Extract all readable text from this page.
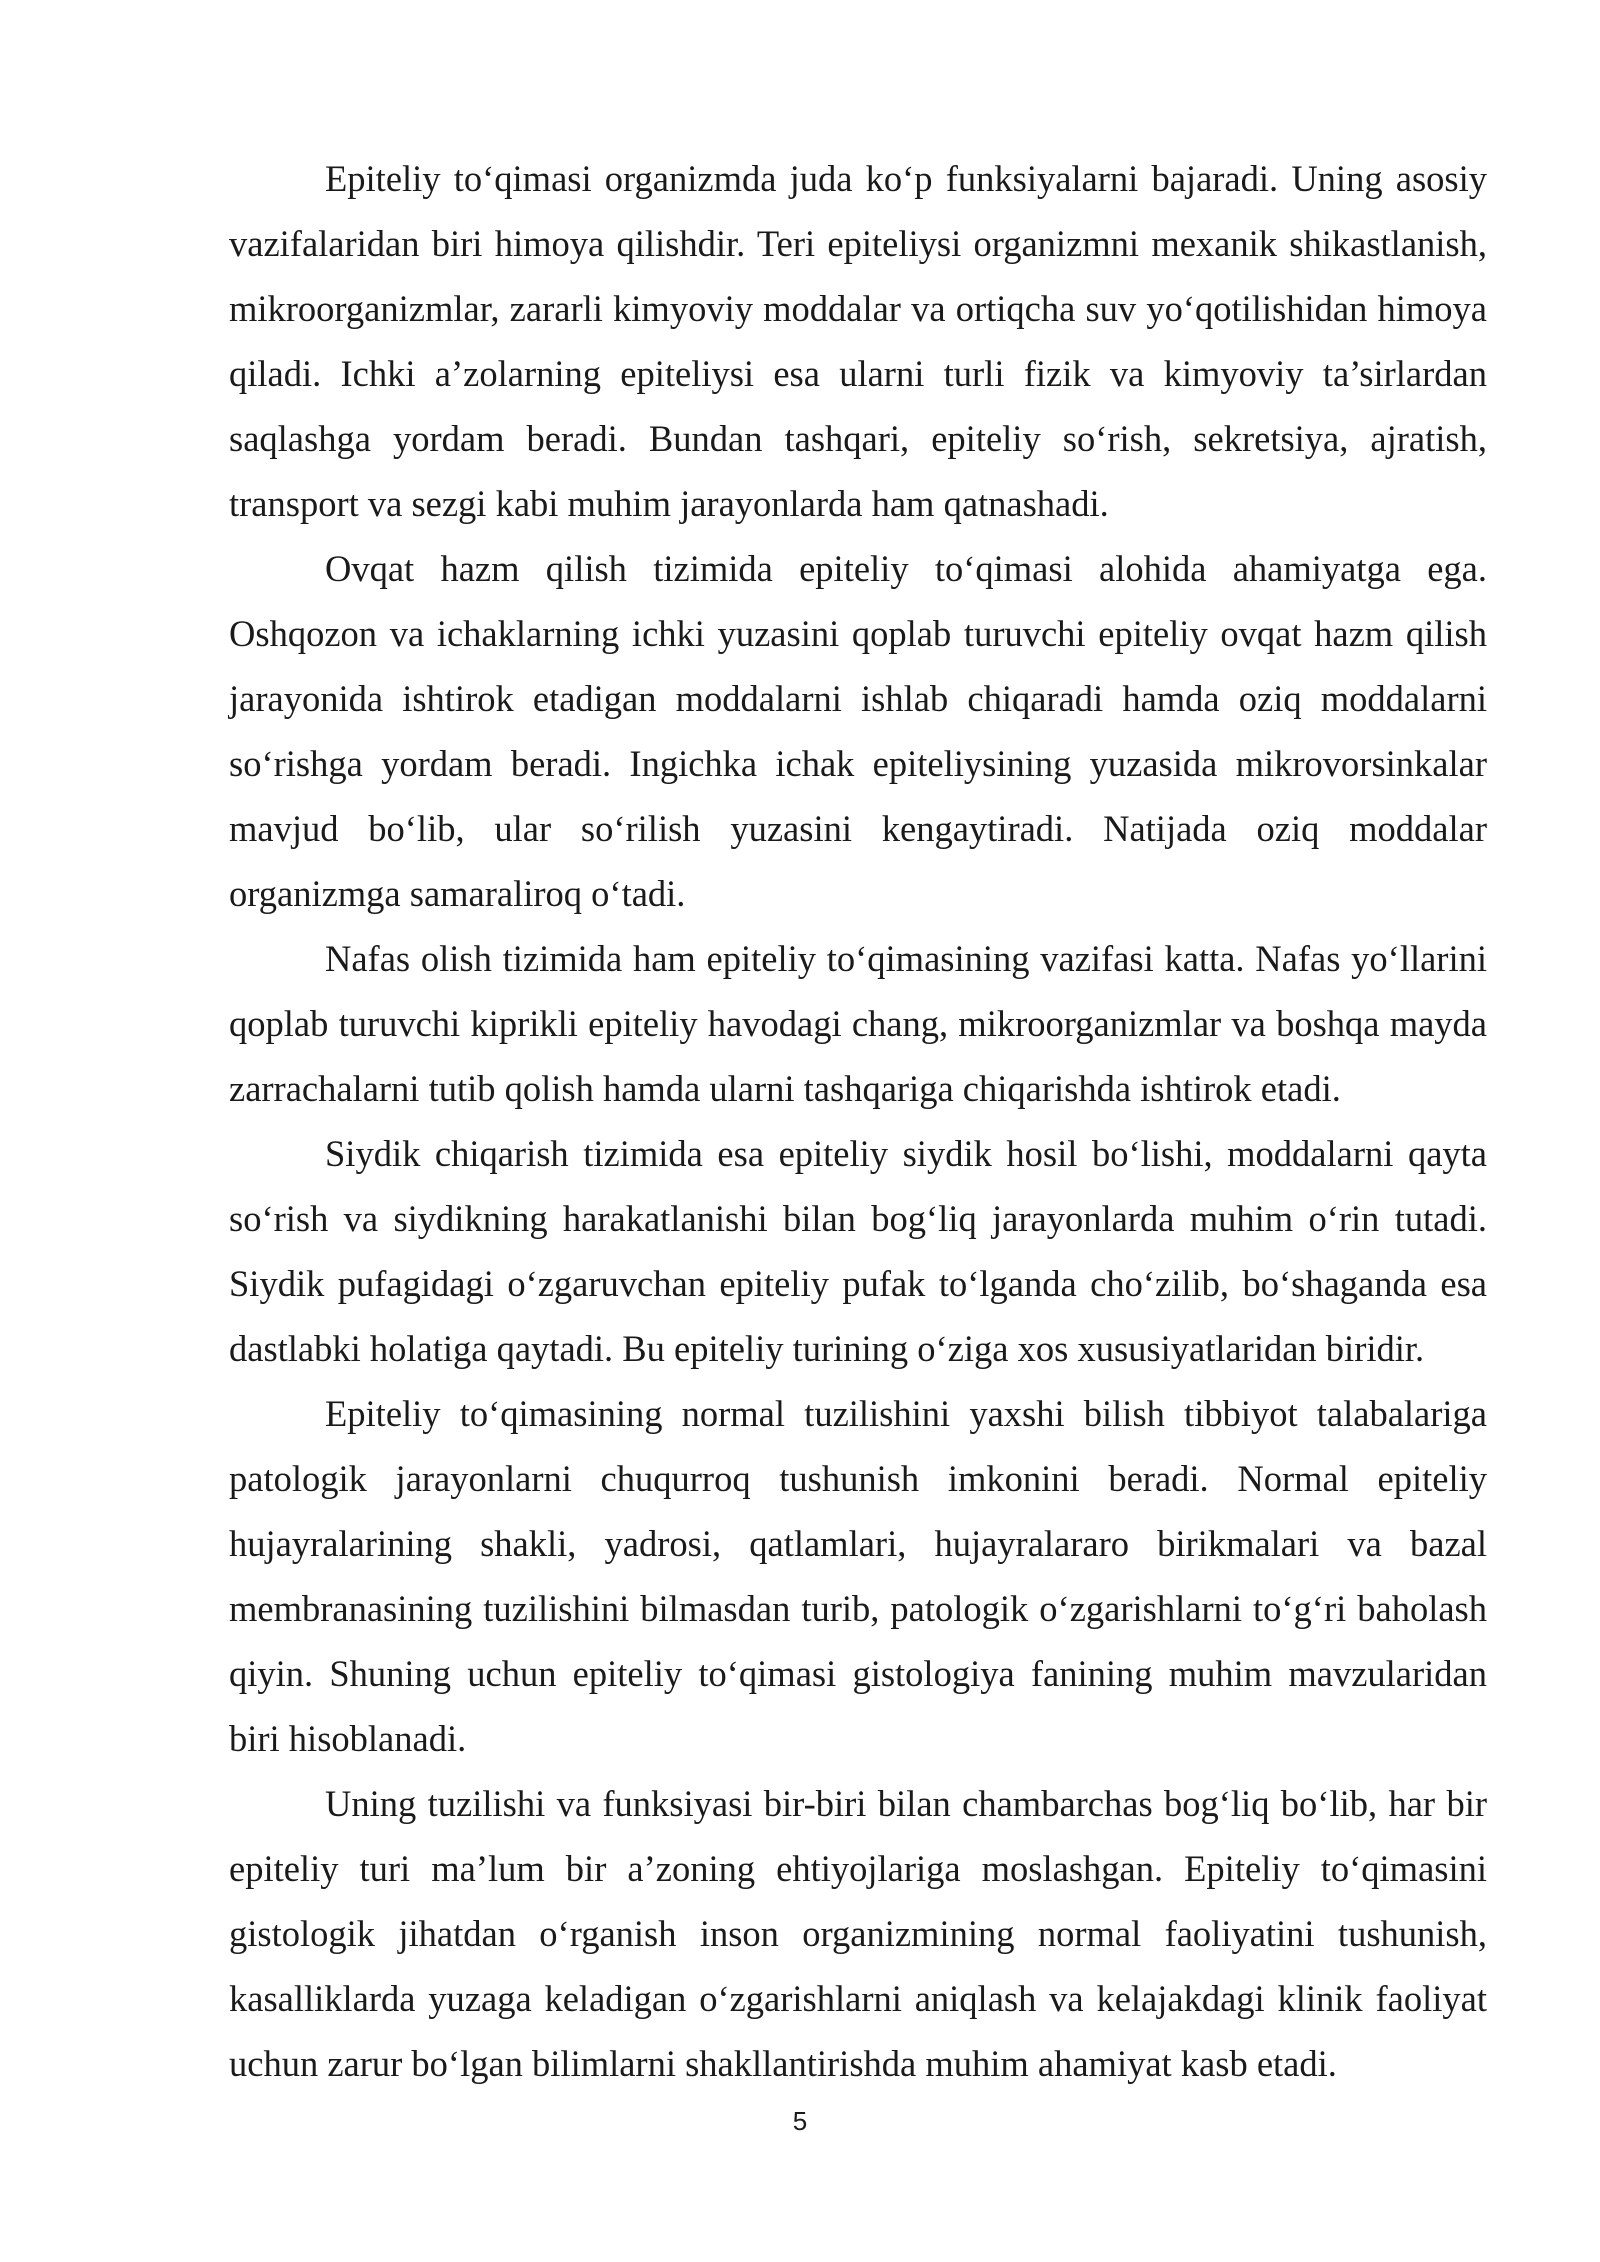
Epiteliy to‘qimasi organizmda juda ko‘p funksiyalarni bajaradi. Uning asosiy vazifalaridan biri himoya qilishdir. Teri epiteliysi organizmni mexanik shikastlanish, mikroorganizmlar, zararli kimyoviy moddalar va ortiqcha suv yo‘qotilishidan himoya qiladi. Ichki a’zolarning epiteliysi esa ularni turli fizik va kimyoviy ta’sirlardan saqlashga yordam beradi. Bundan tashqari, epiteliy so‘rish, sekretsiya, ajratish, transport va sezgi kabi muhim jarayonlarda ham qatnashadi.

Ovqat hazm qilish tizimida epiteliy to‘qimasi alohida ahamiyatga ega. Oshqozon va ichaklarning ichki yuzasini qoplab turuvchi epiteliy ovqat hazm qilish jarayonida ishtirok etadigan moddalarni ishlab chiqaradi hamda oziq moddalarni so‘rishga yordam beradi. Ingichka ichak epiteliysining yuzasida mikrovorsinkalar mavjud bo‘lib, ular so‘rilish yuzasini kengaytiradi. Natijada oziq moddalar organizmga samaraliroq o‘tadi.

Nafas olish tizimida ham epiteliy to‘qimasining vazifasi katta. Nafas yo‘llarini qoplab turuvchi kiprikli epiteliy havodagi chang, mikroorganizmlar va boshqa mayda zarrachalarni tutib qolish hamda ularni tashqariga chiqarishda ishtirok etadi.

Siydik chiqarish tizimida esa epiteliy siydik hosil bo‘lishi, moddalarni qayta so‘rish va siydikning harakatlanishi bilan bog‘liq jarayonlarda muhim o‘rin tutadi. Siydik pufagidagi o‘zgaruvchan epiteliy pufak to‘lganda cho‘zilib, bo‘shaganda esa dastlabki holatiga qaytadi. Bu epiteliy turining o‘ziga xos xususiyatlaridan biridir.

Epiteliy to‘qimasining normal tuzilishini yaxshi bilish tibbiyot talabalariga patologik jarayonlarni chuqurroq tushunish imkonini beradi. Normal epiteliy hujayralarining shakli, yadrosi, qatlamlari, hujayralararo birikmalari va bazal membranasining tuzilishini bilmasdan turib, patologik o‘zgarishlarni to‘g‘ri baholash qiyin. Shuning uchun epiteliy to‘qimasi gistologiya fanining muhim mavzularidan biri hisoblanadi.

Uning tuzilishi va funksiyasi bir-biri bilan chambarchas bog‘liq bo‘lib, har bir epiteliy turi ma’lum bir a’zoning ehtiyojlariga moslashgan. Epiteliy to‘qimasini gistologik jihatdan o‘rganish inson organizmining normal faoliyatini tushunish, kasalliklarda yuzaga keladigan o‘zgarishlarni aniqlash va kelajakdagi klinik faoliyat uchun zarur bo‘lgan bilimlarni shakllantirishda muhim ahamiyat kasb etadi.

5
